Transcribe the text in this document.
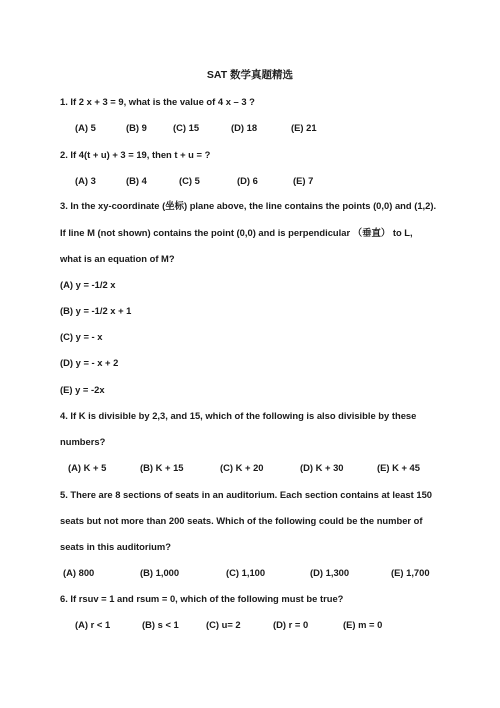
SAT 数学真题精选
1. If 2 x + 3 = 9, what is the value of 4 x – 3 ?
(A) 5	(B) 9	(C) 15	(D) 18	(E) 21
2. If 4(t + u) + 3 = 19, then t + u = ?
(A) 3	(B) 4	(C) 5	(D) 6	(E) 7
3. In the xy-coordinate (坐标) plane above, the line contains the points (0,0) and (1,2).
If line M (not shown) contains the point (0,0) and is perpendicular （垂直） to L,
what is an equation of M?
(A) y = -1/2 x
(B) y = -1/2 x + 1
(C) y = - x
(D) y = - x + 2
(E) y = -2x
4. If K is divisible by 2,3, and 15, which of the following is also divisible by these
numbers?
(A) K + 5	(B) K + 15	(C) K + 20	(D) K + 30	(E) K + 45
5. There are 8 sections of seats in an auditorium. Each section contains at least 150
seats but not more than 200 seats. Which of the following could be the number of
seats in this auditorium?
(A) 800	(B) 1,000	(C) 1,100	(D) 1,300	(E) 1,700
6. If rsuv = 1 and rsum = 0, which of the following must be true?
(A) r < 1	(B) s < 1	(C) u= 2	(D) r = 0	(E) m = 0
